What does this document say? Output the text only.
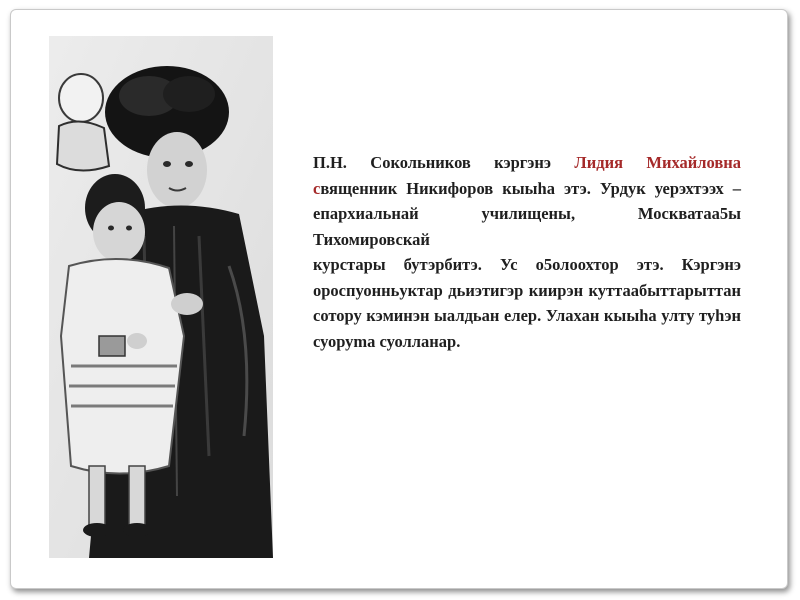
П.Н. Сокольников кэргэнэ Лидия Михайловна священник Никифоров кыыһа этэ. Урдук уерэхтээх – епархиальнай училищены, Москватаа5ы Тихомировскай
курстары бутэрбитэ. Ус о5олоохтор этэ. Кэргэнэ ороспуонньуктар дьиэтигэр киирэн куттаабыттарыттан сотору кэминэн ыалдьан елер. Улахан кыыһа улту туһэн суоруma суолланар.
